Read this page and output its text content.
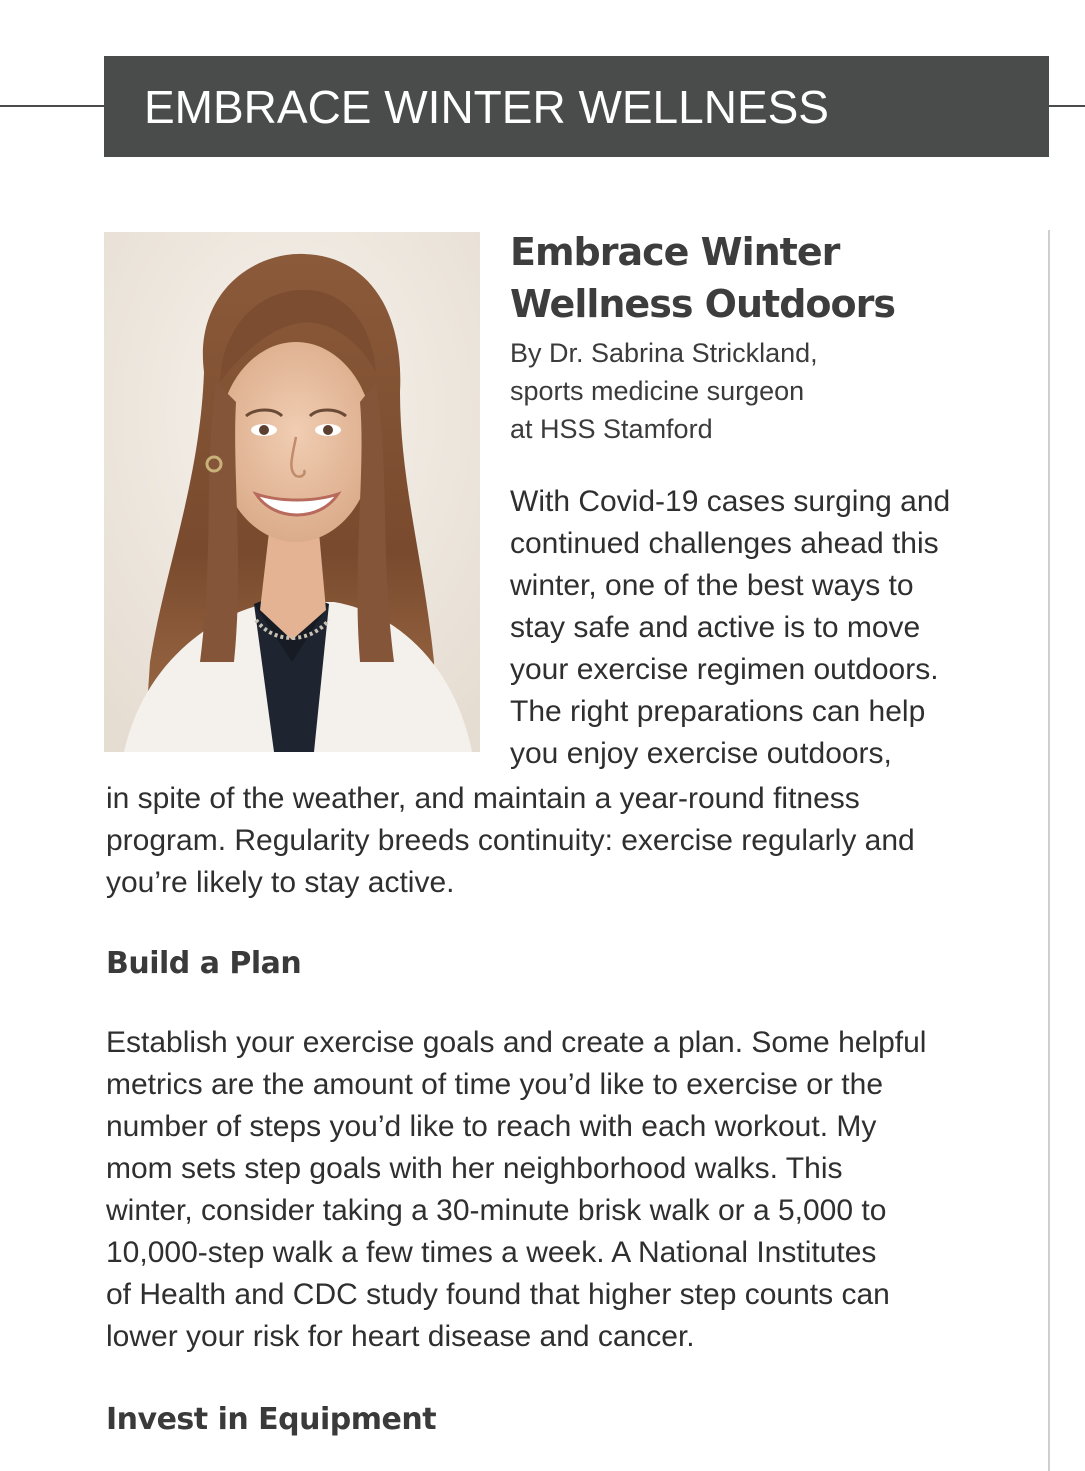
EMBRACE WINTER WELLNESS
Embrace Winter
Wellness Outdoors

By Dr. Sabrina Strickland,
sports medicine surgeon
at HSS Stamford

With Covid-19 cases surging and
continued challenges ahead this
winter, one of the best ways to
stay safe and active is to move
your exercise regimen outdoors.
The right preparations can help
you enjoy exercise outdoors,

in spite of the weather, and maintain a year-round fitness
program. Regularity breeds continuity: exercise regularly and
you’re likely to stay active.

Build a Plan

Establish your exercise goals and create a plan. Some helpful
metrics are the amount of time you’d like to exercise or the
number of steps you’d like to reach with each workout. My
mom sets step goals with her neighborhood walks. This
winter, consider taking a 30-minute brisk walk or a 5,000 to
10,000-step walk a few times a week. A National Institutes
of Health and CDC study found that higher step counts can
lower your risk for heart disease and cancer.

Invest in Equipment
